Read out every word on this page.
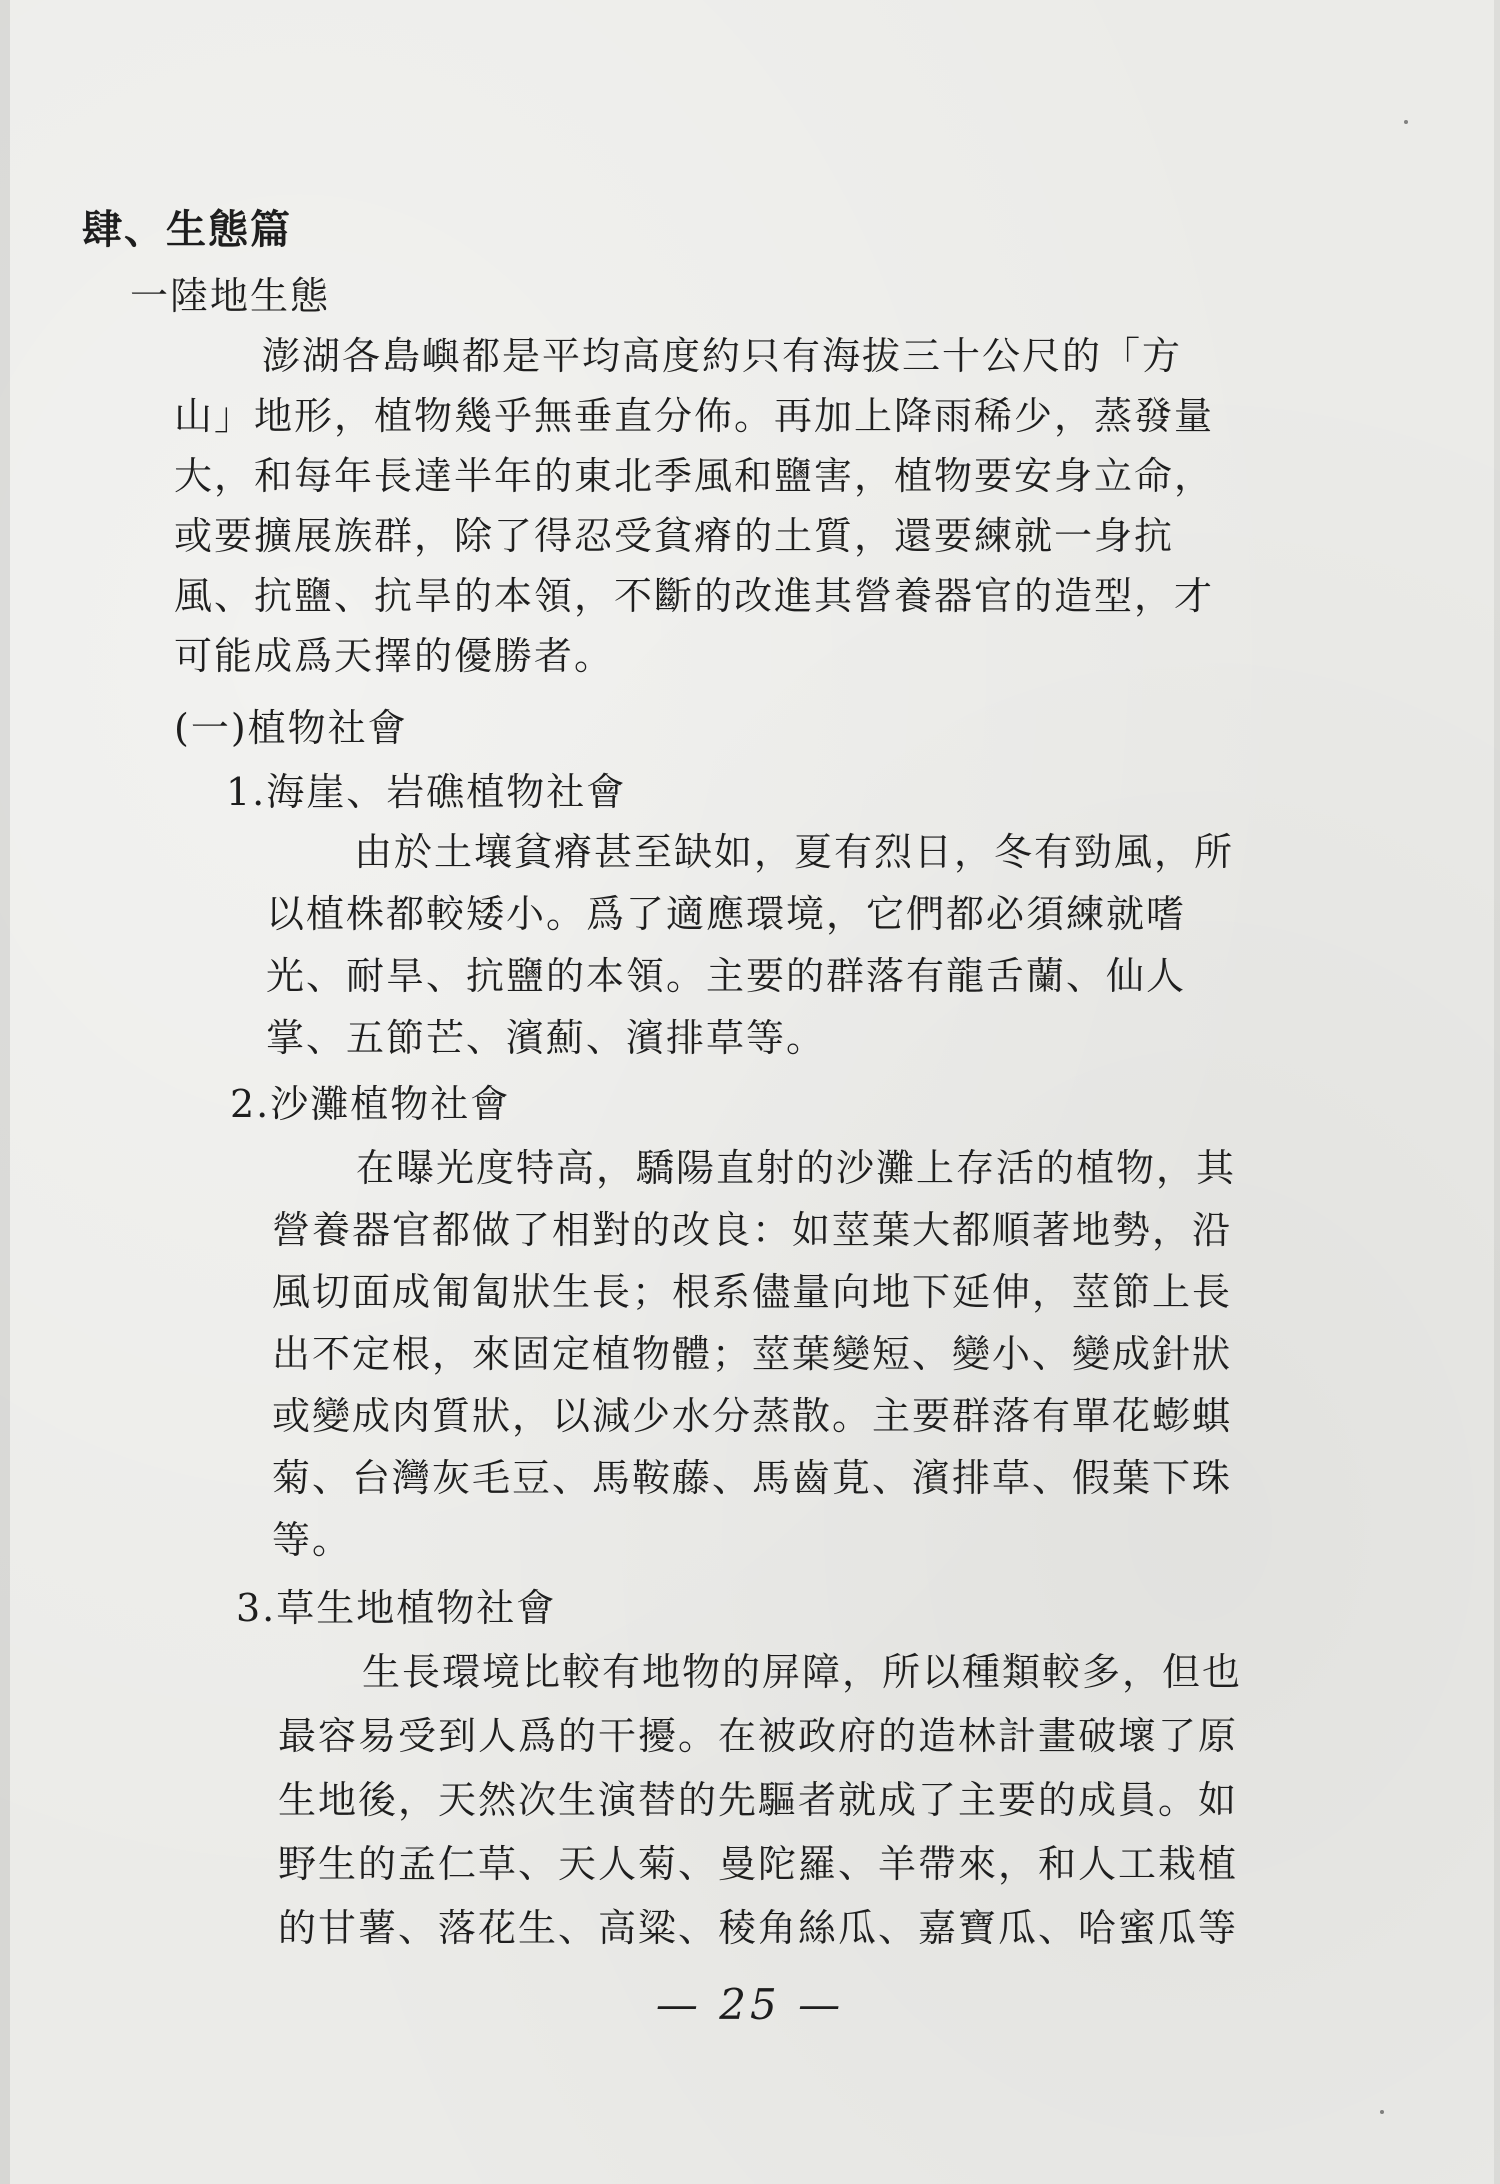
肆、生態篇
一陸地生態
澎湖各島嶼都是平均高度約只有海拔三十公尺的「方
山」地形，植物幾乎無垂直分佈。再加上降雨稀少，蒸發量
大，和每年長達半年的東北季風和鹽害，植物要安身立命，
或要擴展族群，除了得忍受貧瘠的土質，還要練就一身抗
風、抗鹽、抗旱的本領，不斷的改進其營養器官的造型，才
可能成爲天擇的優勝者。
(一)植物社會
1.海崖、岩礁植物社會
由於土壤貧瘠甚至缺如，夏有烈日，冬有勁風，所
以植株都較矮小。爲了適應環境，它們都必須練就嗜
光、耐旱、抗鹽的本領。主要的群落有龍舌蘭、仙人
掌、五節芒、濱薊、濱排草等。
2.沙灘植物社會
在曝光度特高，驕陽直射的沙灘上存活的植物，其
營養器官都做了相對的改良：如莖葉大都順著地勢，沿
風切面成匍匐狀生長；根系儘量向地下延伸，莖節上長
出不定根，來固定植物體；莖葉變短、變小、變成針狀
或變成肉質狀，以減少水分蒸散。主要群落有單花蟛蜞
菊、台灣灰毛豆、馬鞍藤、馬齒莧、濱排草、假葉下珠
等。
3.草生地植物社會
生長環境比較有地物的屏障，所以種類較多，但也
最容易受到人爲的干擾。在被政府的造林計畫破壞了原
生地後，天然次生演替的先驅者就成了主要的成員。如
野生的孟仁草、天人菊、曼陀羅、羊帶來，和人工栽植
的甘薯、落花生、高粱、稜角絲瓜、嘉寶瓜、哈蜜瓜等
— 25 —
